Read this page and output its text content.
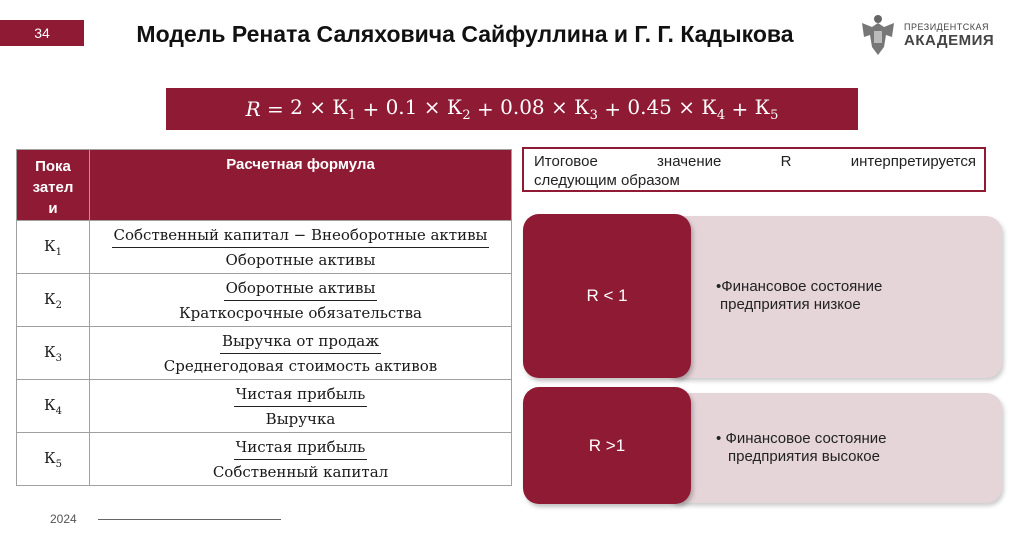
34	Модель Рената Саляховича Сайфуллина и Г. Г. Кадыкова	ПРЕЗИДЕНТСКАЯ
АКАДЕМИЯ
R
=
$2 \times К_1$
+
$0.1 \times К_2$
+
$0.08 \times К_3$
+
$0.45 \times К_4$
+
$К_5$
Пока
зател
и	Расчетная формула
$К_1$	$\frac{\text{Собственный капитал − Внеоборотные активы}}{\text{Оборотные активы}}$

$К_2$	$\frac{\text{Оборотные активы}}{\text{Краткосрочные обязательства}}$

$К_3$	$\frac{\text{Выручка от продаж}}{\text{Среднегодовая стоимость активов}}$

$К_4$	$\frac{\text{Чистая прибыль}}{\text{Выручка}}$

$К_5$	$\frac{\text{Чистая прибыль}}{\text{Собственный капитал}}$
Итоговое значение R интерпретируется
следующим образом
•Финансовое состояние
предприятия низкое
R < 1
• Финансовое состояние
предприятия высокое
R >1
2024
